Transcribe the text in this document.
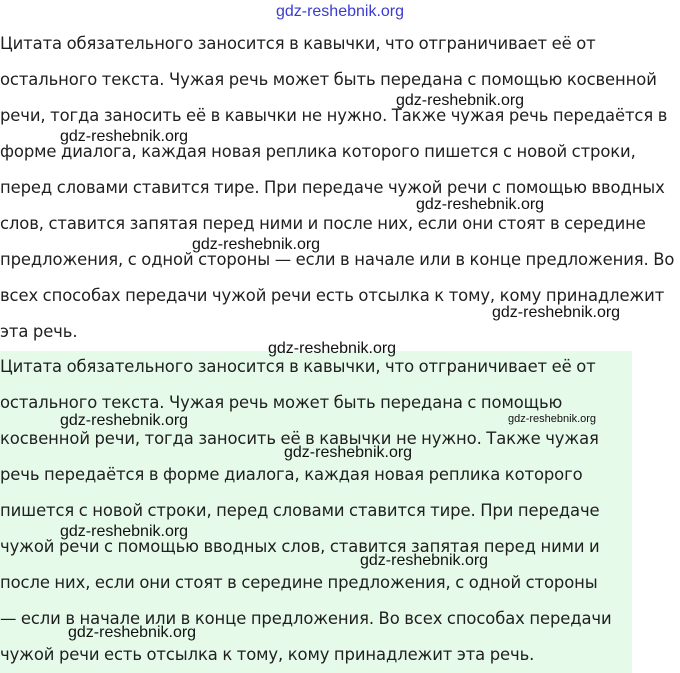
gdz-reshebnik.org

Цитата обязательного заносится в кавычки, что отграничивает её от остального текста. Чужая речь может быть передана с помощью косвенной речи, тогда заносить её в кавычки не нужно. Также чужая речь передаётся в форме диалога, каждая новая реплика которого пишется с новой строки, перед словами ставится тире. При передаче чужой речи с помощью вводных слов, ставится запятая перед ними и после них, если они стоят в середине предложения, с одной стороны — если в начале или в конце предложения. Во всех способах передачи чужой речи есть отсылка к тому, кому принадлежит эта речь.

Цитата обязательного заносится в кавычки, что отграничивает её от остального текста. Чужая речь может быть передана с помощью косвенной речи, тогда заносить её в кавычки не нужно. Также чужая речь передаётся в форме диалога, каждая новая реплика которого пишется с новой строки, перед словами ставится тире. При передаче чужой речи с помощью вводных слов, ставится запятая перед ними и после них, если они стоят в середине предложения, с одной стороны — если в начале или в конце предложения. Во всех способах передачи чужой речи есть отсылка к тому, кому принадлежит эта речь.

gdz-reshebnik.org
gdz-reshebnik.org
gdz-reshebnik.org
gdz-reshebnik.org
gdz-reshebnik.org
gdz-reshebnik.org
gdz-reshebnik.org	gdz-reshebnik.org
gdz-reshebnik.org
gdz-reshebnik.org
gdz-reshebnik.org
gdz-reshebnik.org
